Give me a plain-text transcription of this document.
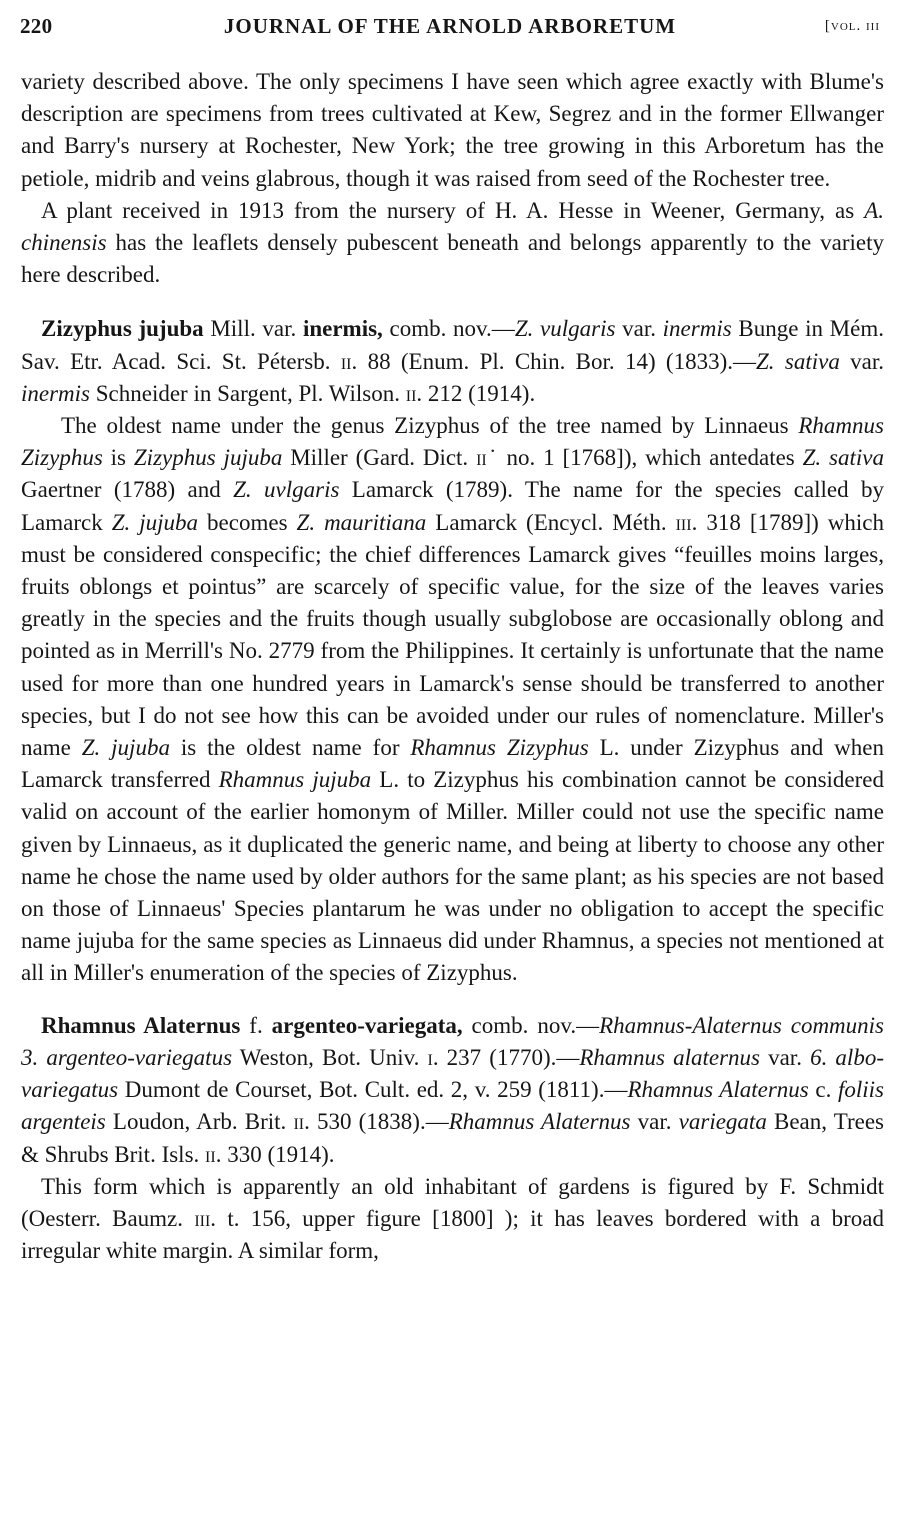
220	JOURNAL OF THE ARNOLD ARBORETUM	[vol. iii

variety described above. The only specimens I have seen which agree exactly with Blume's description are specimens from trees cultivated at Kew, Segrez and in the former Ellwanger and Barry's nursery at Rochester, New York; the tree growing in this Arboretum has the petiole, midrib and veins glabrous, though it was raised from seed of the Rochester tree.

A plant received in 1913 from the nursery of H. A. Hesse in Weener, Germany, as A. chinensis has the leaflets densely pubescent beneath and belongs apparently to the variety here described.

Zizyphus jujuba Mill. var. inermis, comb. nov.—Z. vulgaris var. inermis Bunge in Mém. Sav. Etr. Acad. Sci. St. Pétersb. ii. 88 (Enum. Pl. Chin. Bor. 14) (1833).—Z. sativa var. inermis Schneider in Sargent, Pl. Wilson. ii. 212 (1914).

The oldest name under the genus Zizyphus of the tree named by Linnaeus Rhamnus Zizyphus is Zizyphus jujuba Miller (Gard. Dict. ii˙ no. 1 [1768]), which antedates Z. sativa Gaertner (1788) and Z. uvlgaris Lamarck (1789). The name for the species called by Lamarck Z. jujuba becomes Z. mauritiana Lamarck (Encycl. Méth. iii. 318 [1789]) which must be considered conspecific; the chief differences Lamarck gives “feuilles moins larges, fruits oblongs et pointus” are scarcely of specific value, for the size of the leaves varies greatly in the species and the fruits though usually subglobose are occasionally oblong and pointed as in Merrill's No. 2779 from the Philippines. It certainly is unfortunate that the name used for more than one hundred years in Lamarck's sense should be transferred to another species, but I do not see how this can be avoided under our rules of nomenclature. Miller's name Z. jujuba is the oldest name for Rhamnus Zizyphus L. under Zizyphus and when Lamarck transferred Rhamnus jujuba L. to Zizyphus his combination cannot be considered valid on account of the earlier homonym of Miller. Miller could not use the specific name given by Linnaeus, as it duplicated the generic name, and being at liberty to choose any other name he chose the name used by older authors for the same plant; as his species are not based on those of Linnaeus' Species plantarum he was under no obligation to accept the specific name jujuba for the same species as Linnaeus did under Rhamnus, a species not mentioned at all in Miller's enumeration of the species of Zizyphus.

Rhamnus Alaternus f. argenteo-variegata, comb. nov.—Rhamnus-Alaternus communis 3. argenteo-variegatus Weston, Bot. Univ. i. 237 (1770).—Rhamnus alaternus var. 6. albo-variegatus Dumont de Courset, Bot. Cult. ed. 2, v. 259 (1811).—Rhamnus Alaternus c. foliis argenteis Loudon, Arb. Brit. ii. 530 (1838).—Rhamnus Alaternus var. variegata Bean, Trees & Shrubs Brit. Isls. ii. 330 (1914).

This form which is apparently an old inhabitant of gardens is figured by F. Schmidt (Oesterr. Baumz. iii. t. 156, upper figure [1800] ); it has leaves bordered with a broad irregular white margin. A similar form,
